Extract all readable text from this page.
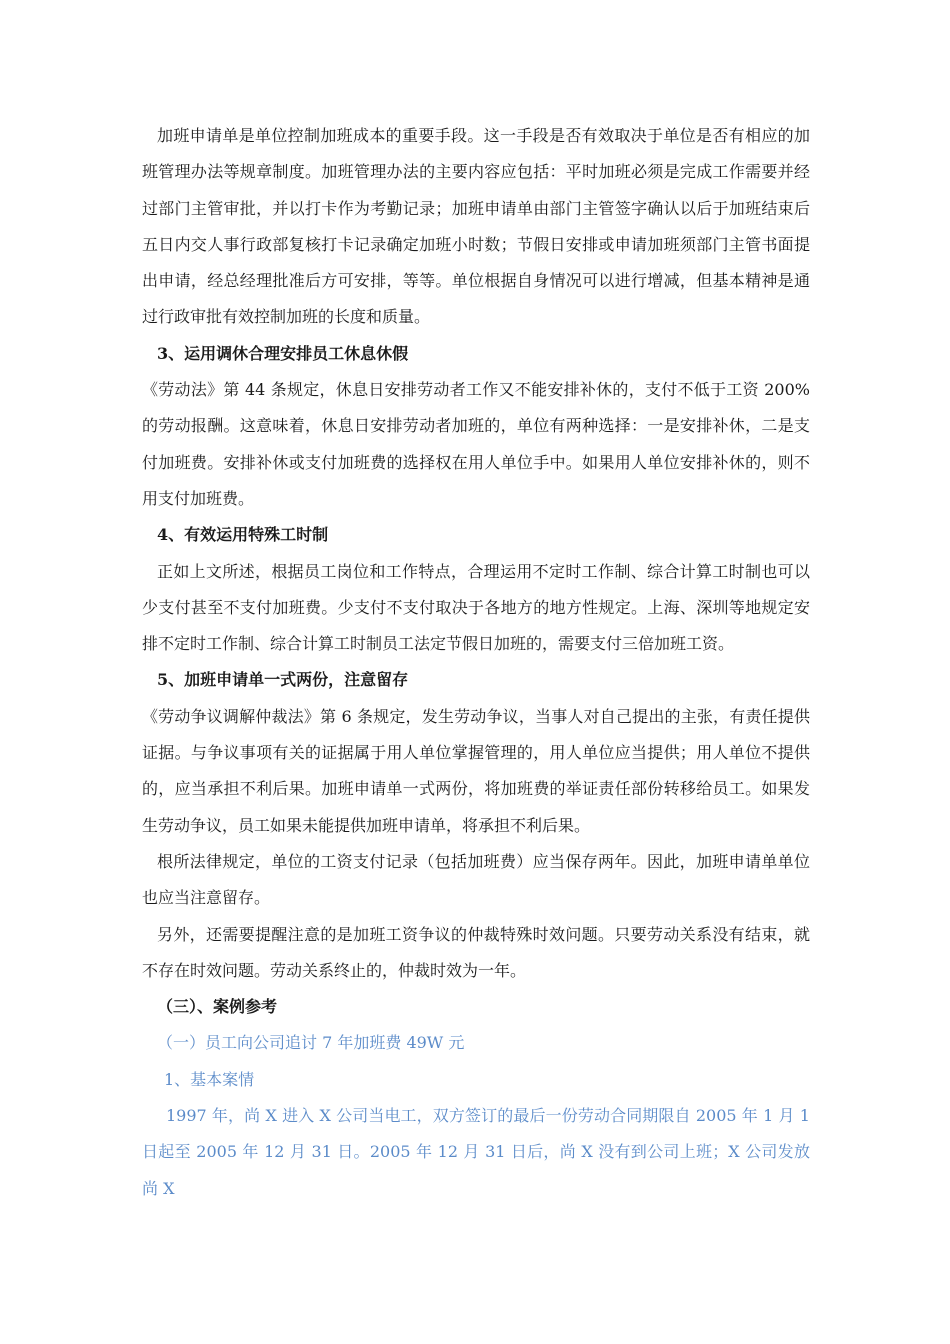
加班申请单是单位控制加班成本的重要手段。这一手段是否有效取决于单位是否有相应的加班管理办法等规章制度。加班管理办法的主要内容应包括：平时加班必须是完成工作需要并经过部门主管审批，并以打卡作为考勤记录；加班申请单由部门主管签字确认以后于加班结束后五日内交人事行政部复核打卡记录确定加班小时数；节假日安排或申请加班须部门主管书面提出申请，经总经理批准后方可安排，等等。单位根据自身情况可以进行增减，但基本精神是通过行政审批有效控制加班的长度和质量。

3、运用调休合理安排员工休息休假

《劳动法》第 44 条规定，休息日安排劳动者工作又不能安排补休的，支付不低于工资 200%的劳动报酬。这意味着，休息日安排劳动者加班的，单位有两种选择：一是安排补休，二是支付加班费。安排补休或支付加班费的选择权在用人单位手中。如果用人单位安排补休的，则不用支付加班费。

4、有效运用特殊工时制

正如上文所述，根据员工岗位和工作特点，合理运用不定时工作制、综合计算工时制也可以少支付甚至不支付加班费。少支付不支付取决于各地方的地方性规定。上海、深圳等地规定安排不定时工作制、综合计算工时制员工法定节假日加班的，需要支付三倍加班工资。

5、加班申请单一式两份，注意留存

《劳动争议调解仲裁法》第 6 条规定，发生劳动争议，当事人对自己提出的主张，有责任提供证据。与争议事项有关的证据属于用人单位掌握管理的，用人单位应当提供；用人单位不提供的，应当承担不利后果。加班申请单一式两份，将加班费的举证责任部份转移给员工。如果发生劳动争议，员工如果未能提供加班申请单，将承担不利后果。

根所法律规定，单位的工资支付记录（包括加班费）应当保存两年。因此，加班申请单单位也应当注意留存。

另外，还需要提醒注意的是加班工资争议的仲裁特殊时效问题。只要劳动关系没有结束，就不存在时效问题。劳动关系终止的，仲裁时效为一年。

（三）、案例参考

（一）员工向公司追讨 7 年加班费 49W 元

1、基本案情

1997 年，尚 X 进入 X 公司当电工，双方签订的最后一份劳动合同期限自 2005 年 1 月 1 日起至 2005 年 12 月 31 日。2005 年 12 月 31 日后，尚 X 没有到公司上班；X 公司发放尚 X
